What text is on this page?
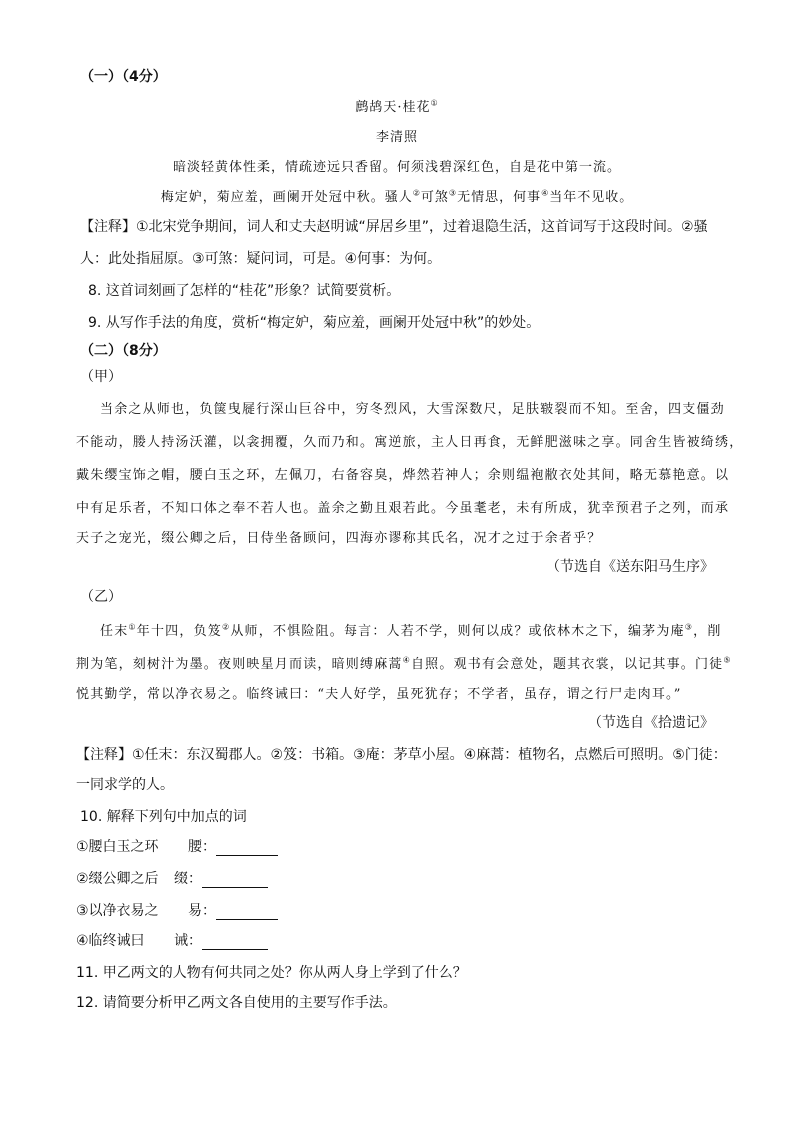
（一）（4分）
鹧鸪天·桂花①
李清照
暗淡轻黄体性柔，情疏迹远只香留。何须浅碧深红色，自是花中第一流。
梅定妒，菊应羞，画阑开处冠中秋。骚人②可煞③无情思，何事④当年不见收。
【注释】①北宋党争期间，词人和丈夫赵明诚“屏居乡里”，过着退隐生活，这首词写于这段时间。②骚
人：此处指屈原。③可煞：疑问词，可是。④何事：为何。
8. 这首词刻画了怎样的“桂花”形象？试简要赏析。
9. 从写作手法的角度，赏析“梅定妒，菊应羞，画阑开处冠中秋”的妙处。
（二）（8分）
（甲）
当余之从师也，负箧曳屣行深山巨谷中，穷冬烈风，大雪深数尺，足肤皲裂而不知。至舍，四支僵劲
不能动，媵人持汤沃灌，以衾拥覆，久而乃和。寓逆旅，主人日再食，无鲜肥滋味之享。同舍生皆被绮绣，
戴朱缨宝饰之帽，腰白玉之环，左佩刀，右备容臭，烨然若神人；余则缊袍敝衣处其间，略无慕艳意。以
中有足乐者，不知口体之奉不若人也。盖余之勤且艰若此。今虽耄老，未有所成，犹幸预君子之列，而承
天子之宠光，缀公卿之后，日侍坐备顾问，四海亦谬称其氏名，况才之过于余者乎？
（节选自《送东阳马生序》
（乙）
任末①年十四，负笈②从师，不惧险阻。每言：人若不学，则何以成？或依林木之下，编茅为庵③，削
荆为笔，刻树汁为墨。夜则映星月而读，暗则缚麻蒿④自照。观书有会意处，题其衣裳，以记其事。门徒⑤
悦其勤学，常以净衣易之。临终诫曰：“夫人好学，虽死犹存；不学者，虽存，谓之行尸走肉耳。”
（节选自《拾遗记》
【注释】①任末：东汉蜀郡人。②笈：书箱。③庵：茅草小屋。④麻蒿：植物名，点燃后可照明。⑤门徒：
一同求学的人。
10. 解释下列句中加点的词
①腰白玉之环 腰：
②缀公卿之后 缀：
③以净衣易之 易：
④临终诫曰 诫：
11. 甲乙两文的人物有何共同之处？你从两人身上学到了什么？
12. 请简要分析甲乙两文各自使用的主要写作手法。
